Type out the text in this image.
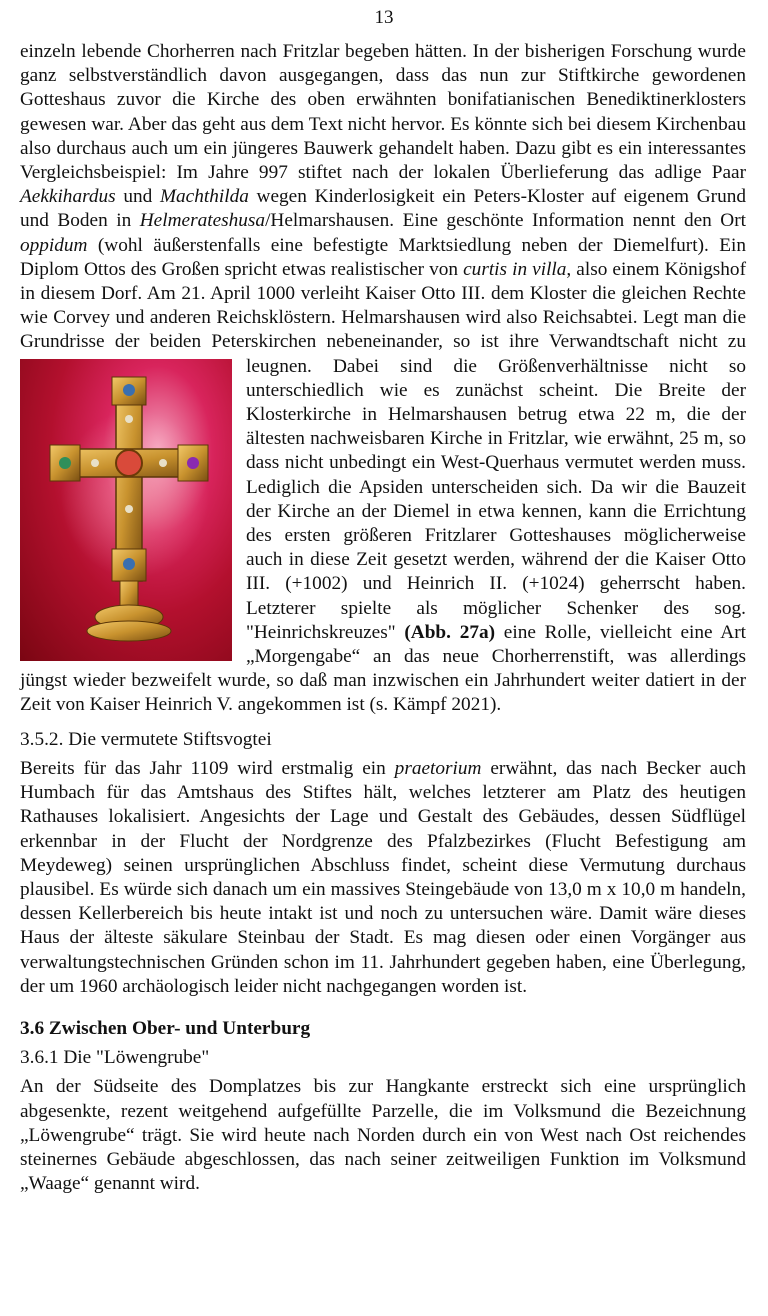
13

einzeln lebende Chorherren nach Fritzlar begeben hätten. In der bisherigen Forschung wurde ganz selbstverständlich davon ausgegangen, dass das nun zur Stiftkirche gewordenen Gotteshaus zuvor die Kirche des oben erwähnten bonifatianischen Benediktinerklosters gewesen war. Aber das geht aus dem Text nicht hervor. Es könnte sich bei diesem Kirchenbau also durchaus auch um ein jüngeres Bauwerk gehandelt haben. Dazu gibt es ein interessantes Vergleichsbeispiel: Im Jahre 997 stiftet nach der lokalen Überlieferung das adlige Paar Aekkihardus und Machthilda wegen Kinderlosigkeit ein Peters-Kloster auf eigenem Grund und Boden in Helmerateshusa/Helmarshausen. Eine geschönte Information nennt den Ort oppidum (wohl äußerstenfalls eine befestigte Marktsiedlung neben der Diemelfurt). Ein Diplom Ottos des Großen spricht etwas realistischer von curtis in villa, also einem Königshof in diesem Dorf. Am 21. April 1000 verleiht Kaiser Otto III. dem Kloster die gleichen Rechte wie Corvey und anderen Reichsklöstern. Helmarshausen wird also Reichsabtei. Legt man die Grundrisse der beiden Peterskirchen nebeneinander, so ist ihre Verwandtschaft nicht zu leugnen. Dabei sind die
Größenverhältnisse nicht so unterschiedlich wie es zunächst scheint. Die Breite der Klosterkirche in Helmarshausen betrug etwa 22 m, die der ältesten nachweisbaren Kirche in Fritzlar, wie erwähnt, 25 m, so dass nicht unbedingt ein West-Querhaus vermutet werden muss. Lediglich die Apsiden unterscheiden sich. Da wir die Bauzeit der Kirche an der Diemel in etwa kennen, kann die Errichtung des ersten größeren Fritzlarer Gotteshauses möglicherweise auch in diese Zeit gesetzt werden, während der die Kaiser Otto III. (+1002) und Heinrich II. (+1024) geherrscht haben. Letzterer spielte als möglicher Schenker des sog. "Heinrichskreuzes" (Abb. 27a) eine Rolle, vielleicht eine Art „Morgengabe“ an das neue Chorherrenstift, was allerdings jüngst wieder bezweifelt wurde, so daß man inzwischen ein Jahrhundert weiter datiert in der Zeit von Kaiser Heinrich V. angekommen ist (s. Kämpf 2021).

3.5.2. Die vermutete Stiftsvogtei

Bereits für das Jahr 1109 wird erstmalig ein praetorium erwähnt, das nach Becker auch Humbach für das Amtshaus des Stiftes hält, welches letzterer am Platz des heutigen Rathauses lokalisiert. Angesichts der Lage und Gestalt des Gebäudes, dessen Südflügel erkennbar in der Flucht der Nordgrenze des Pfalzbezirkes (Flucht Befestigung am Meydeweg) seinen ursprünglichen Abschluss findet, scheint diese Vermutung durchaus plausibel. Es würde sich danach um ein massives Steingebäude von 13,0 m x 10,0 m handeln, dessen Kellerbereich bis heute intakt ist und noch zu untersuchen wäre. Damit wäre dieses Haus der älteste säkulare Steinbau der Stadt. Es mag diesen oder einen Vorgänger aus verwaltungstechnischen Gründen schon im 11. Jahrhundert gegeben haben, eine Überlegung, der um 1960 archäologisch leider nicht nachgegangen worden ist.

3.6 Zwischen Ober- und Unterburg
3.6.1 Die "Löwengrube"

An der Südseite des Domplatzes bis zur Hangkante erstreckt sich eine ursprünglich abgesenkte, rezent weitgehend aufgefüllte Parzelle, die im Volksmund die Bezeichnung „Löwengrube“ trägt. Sie wird heute nach Norden durch ein von West nach Ost reichendes steinernes Gebäude abgeschlossen, das nach seiner zeitweiligen Funktion im Volksmund „Waage“ genannt wird.
